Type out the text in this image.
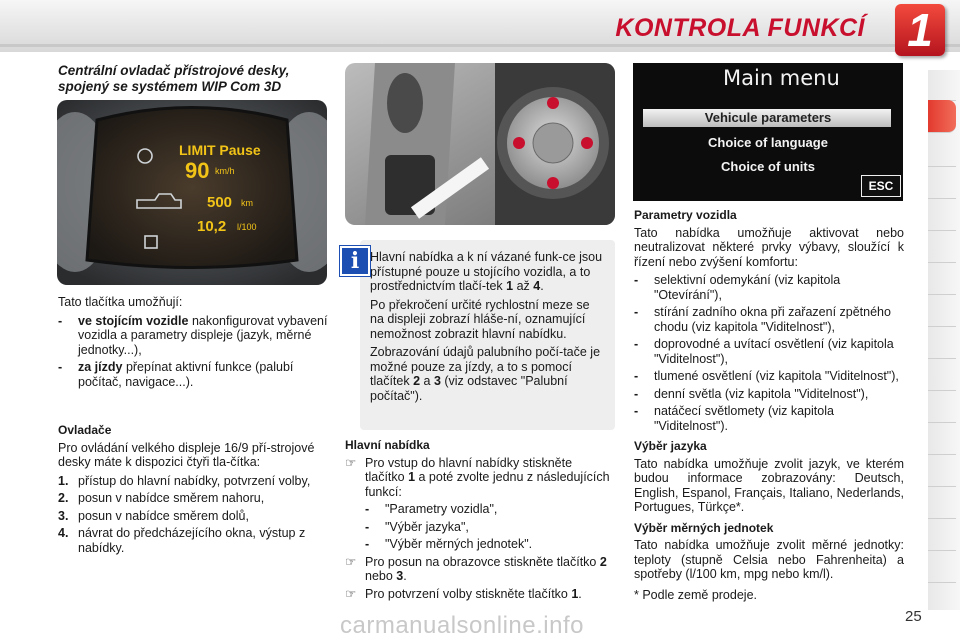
KONTROLA FUNKCÍ 1
Centrální ovladač přístrojové desky, spojený se systémem WIP Com 3D
LIMIT Pause
90 km/h
500 km
10,2 l/100

Tato tlačítka umožňují:

- ve stojícím vozidle nakonfigurovat vybavení vozidla a parametry displeje (jazyk, měrné jednotky...),
- za jízdy přepínat aktivní funkce (palubí počítač, navigace...).
Ovladače

Pro ovládání velkého displeje 16/9 pří-strojové desky máte k dispozici čtyři tla-čítka:

1. přístup do hlavní nabídky, potvrzení volby,
2. posun v nabídce směrem nahoru,
3. posun v nabídce směrem dolů,
4. návrat do předcházejícího okna, výstup z nabídky.

Hlavní nabídka a k ní vázané funk-ce jsou přístupné pouze u stojícího vozidla, a to prostřednictvím tlačí-tek 1 až 4.

Po překročení určité rychlostní meze se na displeji zobrazí hláše-ní, oznamující nemožnost zobrazit hlavní nabídku.

Zobrazování údajů palubního počí-tače je možné pouze za jízdy, a to s pomocí tlačítek 2 a 3 (viz odstavec "Palubní počítač").

i
Hlavní nabídka
☞ Pro vstup do hlavní nabídky stiskněte tlačítko 1 a poté zvolte jednu z následujících funkcí:
- "Parametry vozidla",
- "Výběr jazyka",
- "Výběr měrných jednotek".
☞ Pro posun na obrazovce stiskněte tlačítko 2 nebo 3.
☞ Pro potvrzení volby stiskněte tlačítko 1.
Main menu
Vehicule parameters
Choice of language
Choice of units
ESC
Parametry vozidla

Tato nabídka umožňuje aktivovat nebo neutralizovat některé prvky výbavy, sloužící k řízení nebo zvýšení komfortu:

- selektivní odemykání (viz kapitola "Otevírání"),
- stírání zadního okna při zařazení zpětného chodu (viz kapitola "Viditelnost"),
- doprovodné a uvítací osvětlení (viz kapitola "Viditelnost"),
- tlumené osvětlení (viz kapitola "Viditelnost"),
- denní světla (viz kapitola "Viditelnost"),
- natáčecí světlomety (viz kapitola "Viditelnost").
Výběr jazyka

Tato nabídka umožňuje zvolit jazyk, ve kterém budou informace zobrazovány: Deutsch, English, Espanol, Français, Italiano, Nederlands, Portugues, Türkçe*.

Výběr měrných jednotek

Tato nabídka umožňuje zvolit měrné jednotky: teploty (stupně Celsia nebo Fahrenheita) a spotřeby (l/100 km, mpg nebo km/l).

* Podle země prodeje.

25
carmanualsonline.info
